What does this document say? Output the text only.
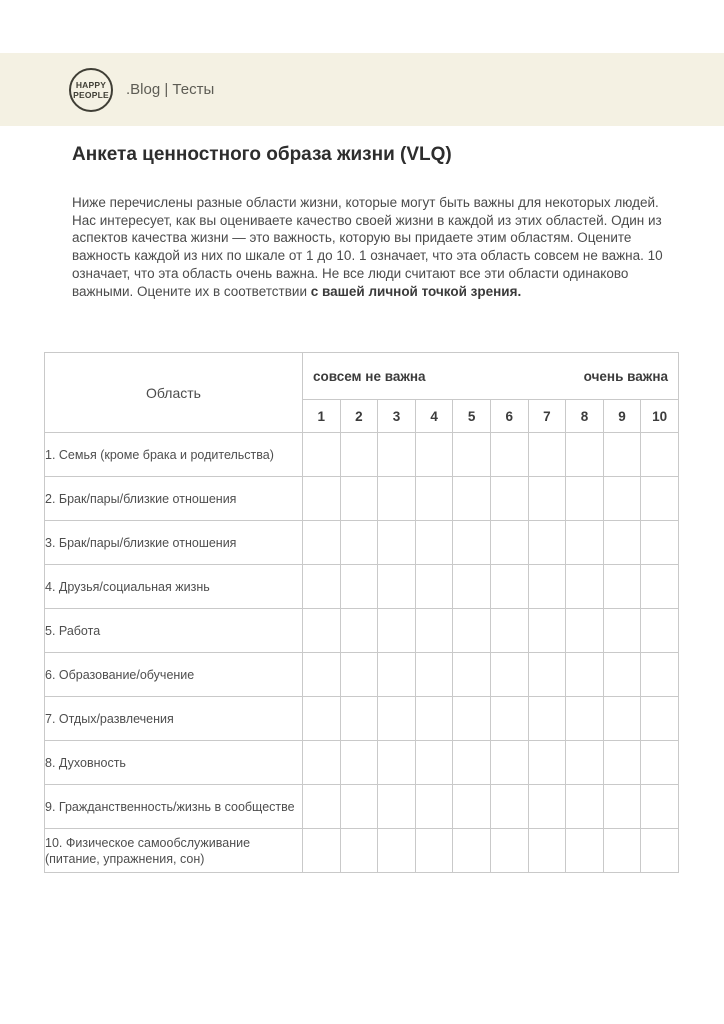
HAPPY
PEOPLE .Blog | Тесты
Анкета ценностного образа жизни (VLQ)

Ниже перечислены разные области жизни, которые могут быть важны для некоторых людей. Нас интересует, как вы оцениваете качество своей жизни в каждой из этих областей. Один из аспектов качества жизни — это важность, которую вы придаете этим областям. Оцените важность каждой из них по шкале от 1 до 10. 1 означает, что эта область совсем не важна. 10 означает, что эта область очень важна. Не все люди считают все эти области одинаково важными. Оцените их в соответствии с вашей личной точкой зрения.

Область	совсем не важна очень важна									

	1	2	3	4	5	6	7	8	9	10
1. Семья (кроме брака и родительства)										
2. Брак/пары/близкие отношения										
3. Брак/пары/близкие отношения										
4. Друзья/социальная жизнь										
5. Работа										
6. Образование/обучение										
7. Отдых/развлечения										
8. Духовность										
9. Гражданственность/жизнь в сообществе										
10. Физическое самообслуживание (питание, упражнения, сон)										
